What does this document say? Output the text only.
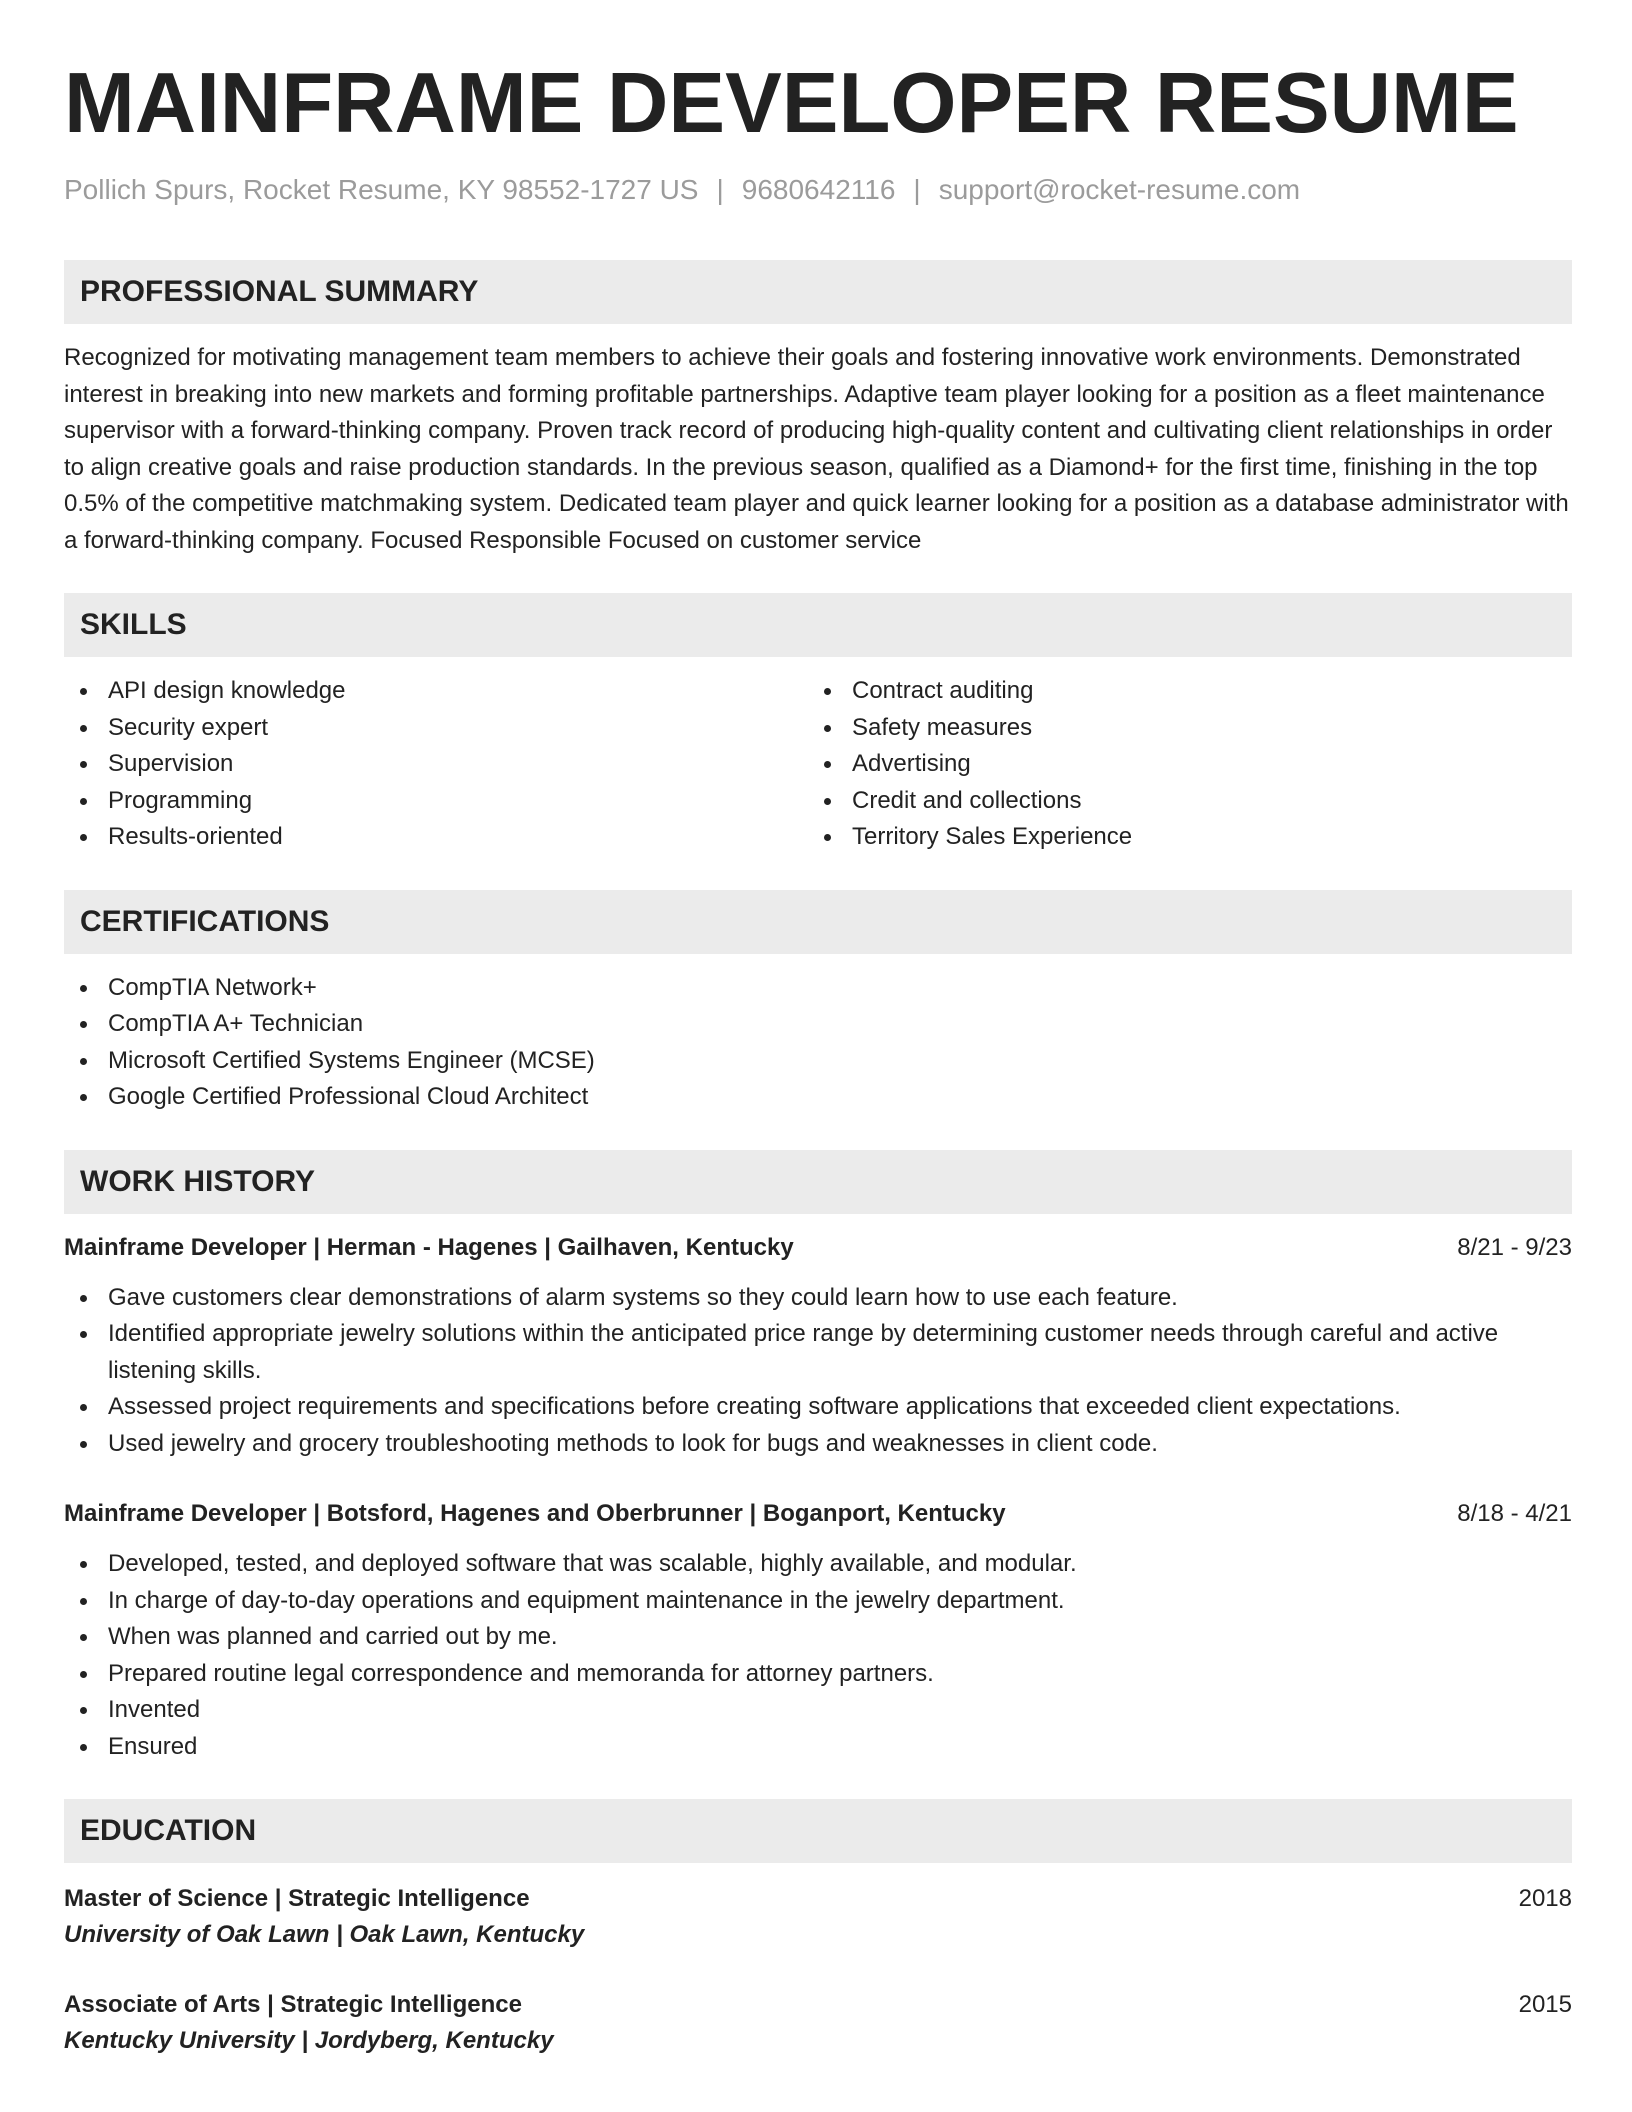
MAINFRAME DEVELOPER RESUME
Pollich Spurs, Rocket Resume, KY 98552-1727 US | 9680642116 | support@rocket-resume.com
PROFESSIONAL SUMMARY
Recognized for motivating management team members to achieve their goals and fostering innovative work environments. Demonstrated interest in breaking into new markets and forming profitable partnerships. Adaptive team player looking for a position as a fleet maintenance supervisor with a forward-thinking company. Proven track record of producing high-quality content and cultivating client relationships in order to align creative goals and raise production standards. In the previous season, qualified as a Diamond+ for the first time, finishing in the top 0.5% of the competitive matchmaking system. Dedicated team player and quick learner looking for a position as a database administrator with a forward-thinking company. Focused Responsible Focused on customer service
SKILLS
API design knowledge
Security expert
Supervision
Programming
Results-oriented
Contract auditing
Safety measures
Advertising
Credit and collections
Territory Sales Experience
CERTIFICATIONS
CompTIA Network+
CompTIA A+ Technician
Microsoft Certified Systems Engineer (MCSE)
Google Certified Professional Cloud Architect
WORK HISTORY
Mainframe Developer | Herman - Hagenes | Gailhaven, Kentucky	8/21 - 9/23
Gave customers clear demonstrations of alarm systems so they could learn how to use each feature.
Identified appropriate jewelry solutions within the anticipated price range by determining customer needs through careful and active listening skills.
Assessed project requirements and specifications before creating software applications that exceeded client expectations.
Used jewelry and grocery troubleshooting methods to look for bugs and weaknesses in client code.
Mainframe Developer | Botsford, Hagenes and Oberbrunner | Boganport, Kentucky	8/18 - 4/21
Developed, tested, and deployed software that was scalable, highly available, and modular.
In charge of day-to-day operations and equipment maintenance in the jewelry department.
When was planned and carried out by me.
Prepared routine legal correspondence and memoranda for attorney partners.
Invented
Ensured
EDUCATION
Master of Science | Strategic Intelligence	2018
University of Oak Lawn | Oak Lawn, Kentucky
Associate of Arts | Strategic Intelligence	2015
Kentucky University | Jordyberg, Kentucky
